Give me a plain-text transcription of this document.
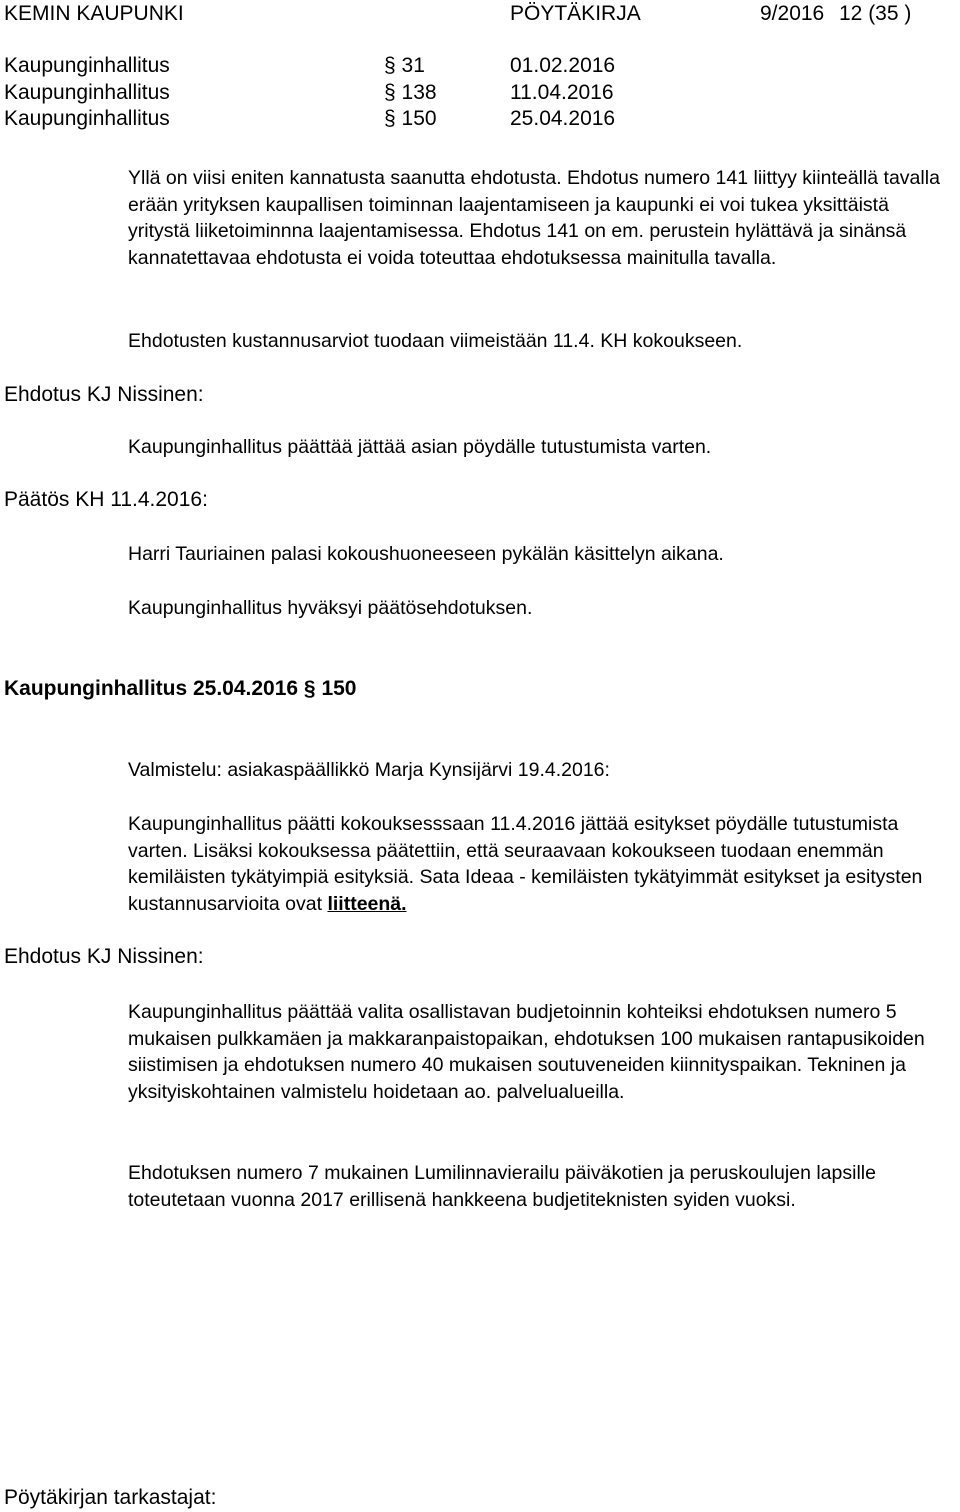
KEMIN KAUPUNKI	PÖYTÄKIRJA	9/2016 12 (35 )
Kaupunginhallitus	§ 31	01.02.2016
Kaupunginhallitus	§ 138	11.04.2016
Kaupunginhallitus	§ 150	25.04.2016
Yllä on viisi eniten kannatusta saanutta ehdotusta. Ehdotus numero 141 liittyy kiinteällä tavalla erään yrityksen kaupallisen toiminnan laajentamiseen ja kaupunki ei voi tukea yksittäistä yritystä liiketoiminnna laajentamisessa. Ehdotus 141 on em. perustein hylättävä ja sinänsä kannatettavaa ehdotusta ei voida toteuttaa ehdotuksessa mainitulla tavalla.
Ehdotusten kustannusarviot tuodaan viimeistään 11.4. KH kokoukseen.
Ehdotus KJ Nissinen:
Kaupunginhallitus päättää jättää asian pöydälle tutustumista varten.
Päätös KH 11.4.2016:
Harri Tauriainen palasi kokoushuoneeseen pykälän käsittelyn aikana.
Kaupunginhallitus hyväksyi päätösehdotuksen.
Kaupunginhallitus 25.04.2016 § 150
Valmistelu: asiakaspäällikkö Marja Kynsijärvi 19.4.2016:
Kaupunginhallitus päätti kokouksesssaan 11.4.2016 jättää esitykset pöydälle tutustumista varten. Lisäksi kokouksessa päätettiin, että seuraavaan kokoukseen tuodaan enemmän kemiläisten tykätyimpiä esityksiä. Sata Ideaa - kemiläisten tykätyimmät esitykset ja esitysten kustannusarvioita ovat liitteenä.
Ehdotus KJ Nissinen:
Kaupunginhallitus päättää valita osallistavan budjetoinnin kohteiksi ehdotuksen numero 5 mukaisen pulkkamäen ja makkaranpaistopaikan, ehdotuksen 100 mukaisen rantapusikoiden siistimisen ja ehdotuksen numero 40 mukaisen soutuveneiden kiinnityspaikan. Tekninen ja yksityiskohtainen valmistelu hoidetaan ao. palvelualueilla.
Ehdotuksen numero 7 mukainen Lumilinnavierailu päiväkotien ja peruskoulujen lapsille toteutetaan vuonna 2017 erillisenä hankkeena budjetiteknisten syiden vuoksi.
Pöytäkirjan tarkastajat:
